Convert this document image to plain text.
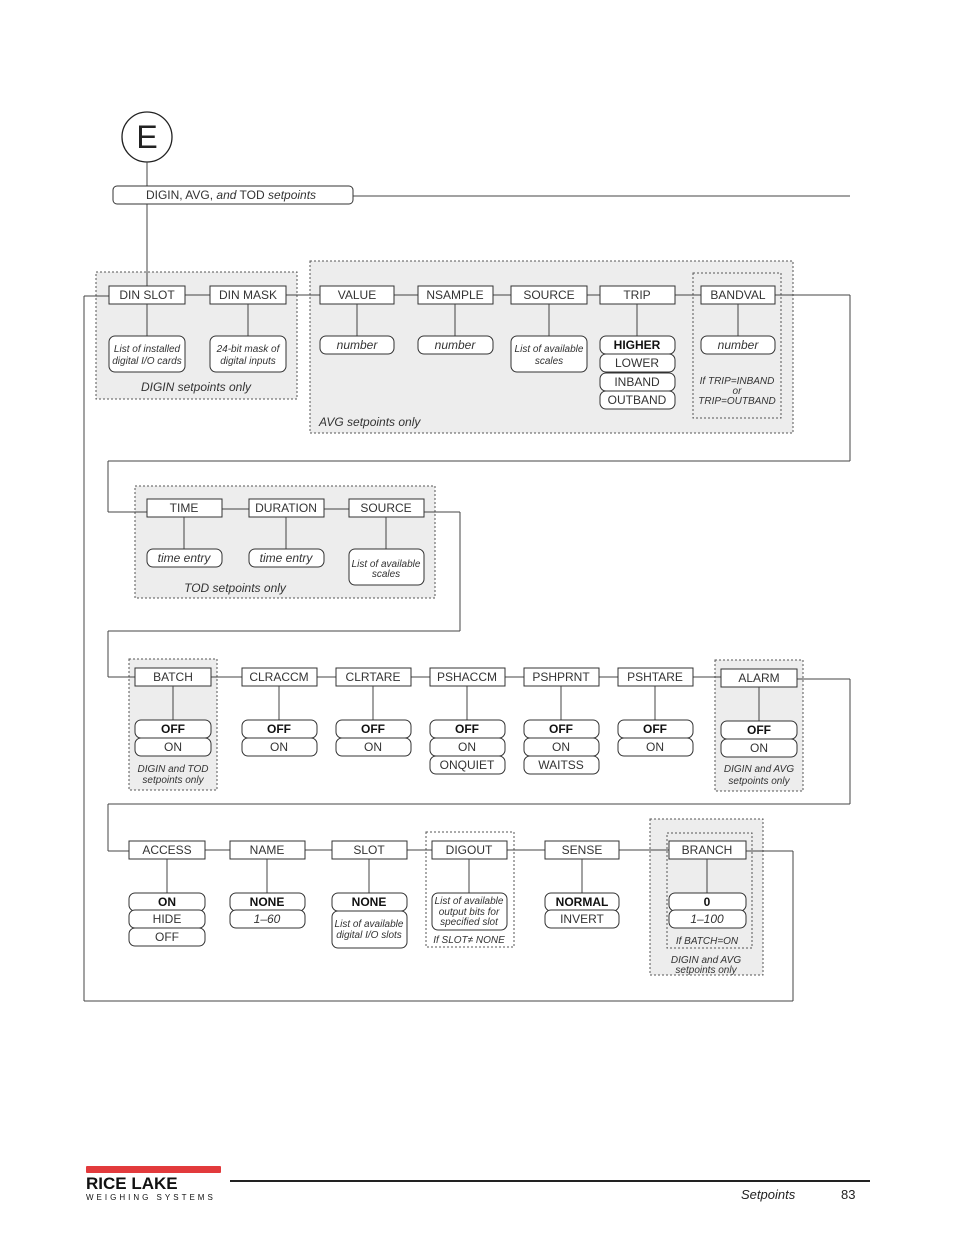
E
DIGIN, AVG, and TOD setpoints
DIN SLOT
List of installed
digital I/O cards
DIN MASK
24-bit mask of
digital inputs
DIGIN setpoints only
VALUE
number
NSAMPLE
number
SOURCE
List of available
scales
TRIP
HIGHER
LOWER
INBAND
OUTBAND
BANDVAL
number
If TRIP=INBAND
or
TRIP=OUTBAND
AVG setpoints only
TIME
time entry
DURATION
time entry
SOURCE
List of available
scales
TOD setpoints only
BATCH
OFF
ON
DIGIN and TOD
setpoints only
CLRACCM
OFF
ON
CLRTARE
OFF
ON
PSHACCM
OFF
ON
ONQUIET
PSHPRNT
OFF
ON
WAITSS
PSHTARE
OFF
ON
ALARM
OFF
ON
DIGIN and AVG
setpoints only
ACCESS
ON
HIDE
OFF
NAME
NONE
1–60
SLOT
NONE
List of available
digital I/O slots
DIGOUT
List of available
output bits for
specified slot
If SLOT≠ NONE
SENSE
NORMAL
INVERT
BRANCH
0
1–100
If BATCH=ON
DIGIN and AVG
setpoints only
RICE LAKE
WEIGHING SYSTEMS	Setpoints	83
